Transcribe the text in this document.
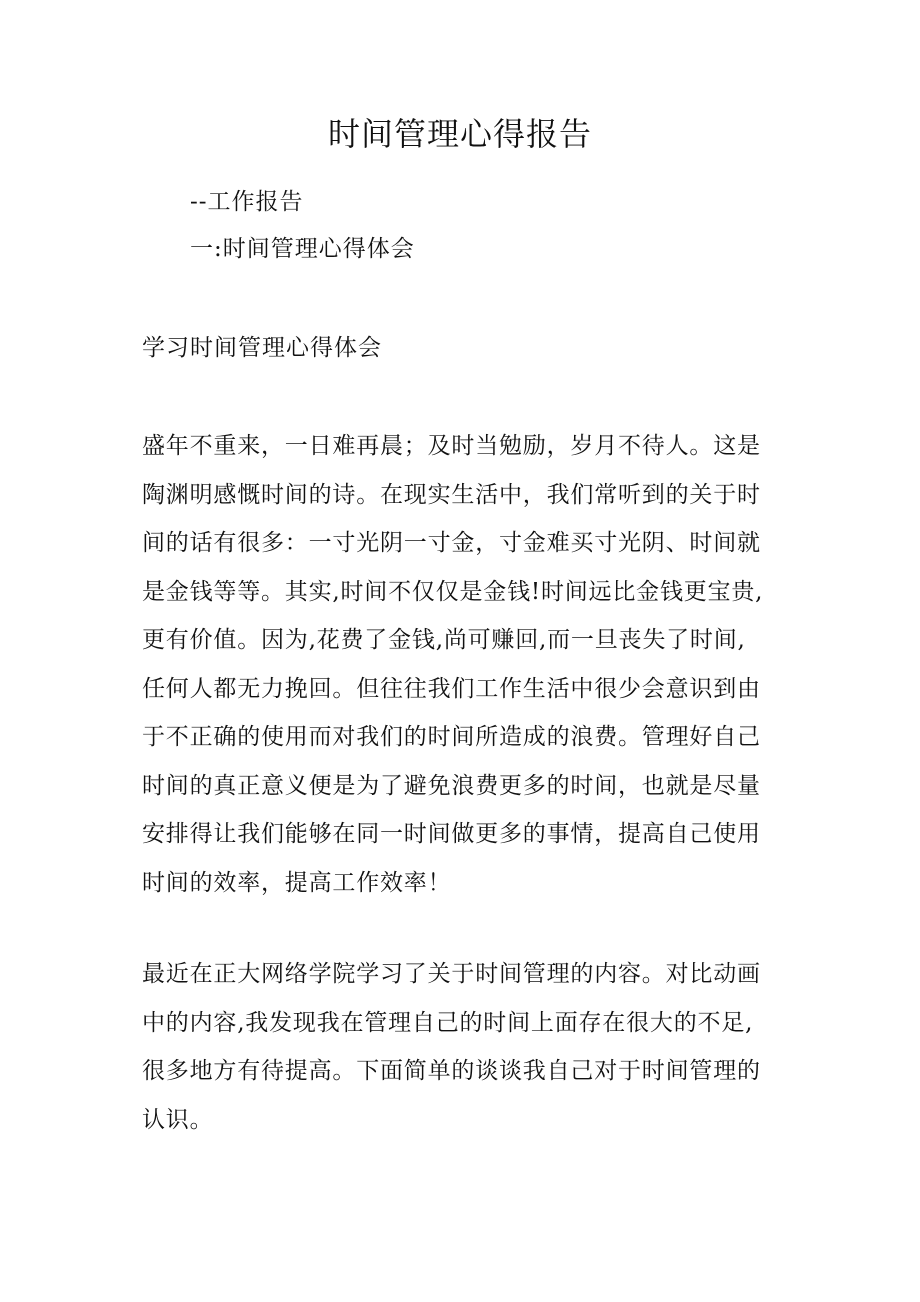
时间管理心得报告
--工作报告
一:时间管理心得体会
学习时间管理心得体会
盛年不重来，一日难再晨；及时当勉励，岁月不待人。这是
陶渊明感慨时间的诗。在现实生活中，我们常听到的关于时
间的话有很多：一寸光阴一寸金，寸金难买寸光阴、时间就
是金钱等等。其实,时间不仅仅是金钱!时间远比金钱更宝贵,
更有价值。因为,花费了金钱,尚可赚回,而一旦丧失了时间,
任何人都无力挽回。但往往我们工作生活中很少会意识到由
于不正确的使用而对我们的时间所造成的浪费。管理好自己
时间的真正意义便是为了避免浪费更多的时间，也就是尽量
安排得让我们能够在同一时间做更多的事情，提高自己使用
时间的效率，提高工作效率！
最近在正大网络学院学习了关于时间管理的内容。对比动画
中的内容,我发现我在管理自己的时间上面存在很大的不足,
很多地方有待提高。下面简单的谈谈我自己对于时间管理的
认识。
